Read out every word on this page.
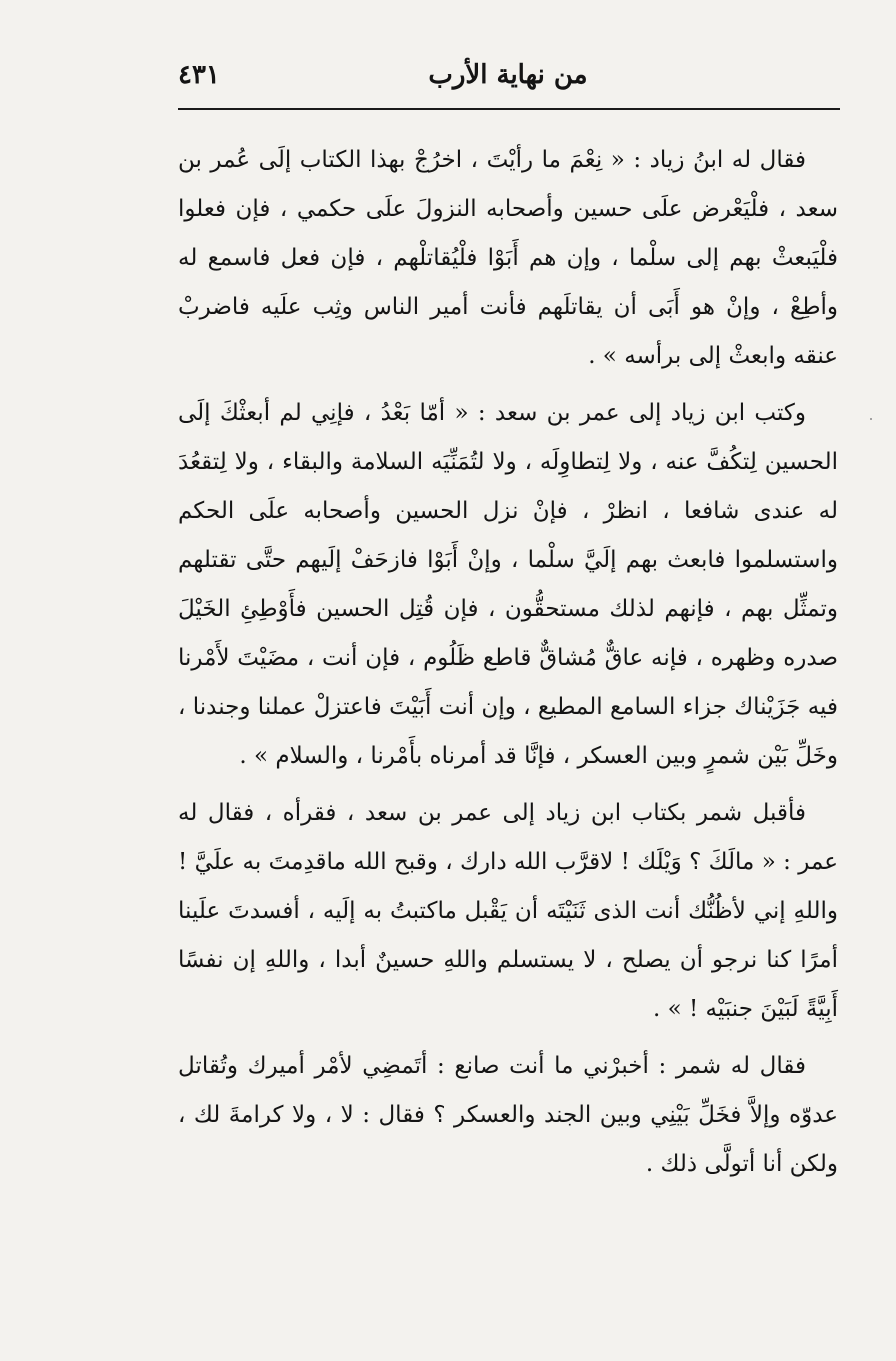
من نهاية الأرب
٤٣١

فقال له ابنُ زياد : « نِعْمَ ما رأيْتَ ، اخرُجْ بهذا الكتاب إلَى عُمر بن سعد ، فلْيَعْرض علَى حسين وأصحابه النزولَ علَى حكمي ، فإن فعلوا فلْيَبعثْ بهم إلى سلْما ، وإن هم أَبَوْا فلْيُقاتلْهم ، فإن فعل فاسمع له وأطِعْ ، وإنْ هو أَبَى أن يقاتلَهم فأنت أمير الناس وثِب علَيه فاضربْ عنقه وابعثْ إلى برأسه » .

وكتب ابن زياد إلى عمر بن سعد : « أمّا بَعْدُ ، فإنِي لم أبعثْكَ إلَى الحسين لِتكُفَّ عنه ، ولا لِتطاوِلَه ، ولا لتُمَنِّيَه السلامة والبقاء ، ولا لِتقعُدَ له عندى شافعا ، انظرْ ، فإنْ نزل الحسين وأصحابه علَى الحكم واستسلموا فابعث بهم إلَيَّ سلْما ، وإنْ أَبَوْا فازحَفْ إلَيهم حتَّى تقتلهم وتمثِّل بهم ، فإنهم لذلك مستحقُّون ، فإن قُتِل الحسين فأَوْطِئِ الخَيْلَ صدره وظهره ، فإنه عاقٌّ مُشاقٌّ قاطع ظَلُوم ، فإن أنت ، مضَيْتَ لأَمْرنا فيه جَزَيْناك جزاء السامع المطيع ، وإن أنت أَبَيْتَ فاعتزلْ عملنا وجندنا ، وخَلِّ بَيْن شمرٍ وبين العسكر ، فإنَّا قد أمرناه بأَمْرنا ، والسلام » .

فأقبل شمر بكتاب ابن زياد إلى عمر بن سعد ، فقرأه ، فقال له عمر : « مالَكَ ؟ وَيْلَك ! لاقرَّب الله دارك ، وقبح الله ماقدِمتَ به علَيَّ ! واللهِ إني لأظُنُّك أنت الذى ثَنَيْتَه أن يَقْبل ماكتبتُ به إلَيه ، أفسدتَ علَينا أمرًا كنا نرجو أن يصلح ، لا يستسلم واللهِ حسينٌ أبدا ، واللهِ إن نفسًا أَبِيَّةً لَبَيْنَ جنبَيْه ! » .

فقال له شمر : أخبرْني ما أنت صانع : أتَمضِي لأمْر أميرك وتُقاتل عدوّه وإلاَّ فخَلِّ بَيْنِي وبين الجند والعسكر ؟ فقال : لا ، ولا كرامةَ لك ، ولكن أنا أتولَّى ذلك .
